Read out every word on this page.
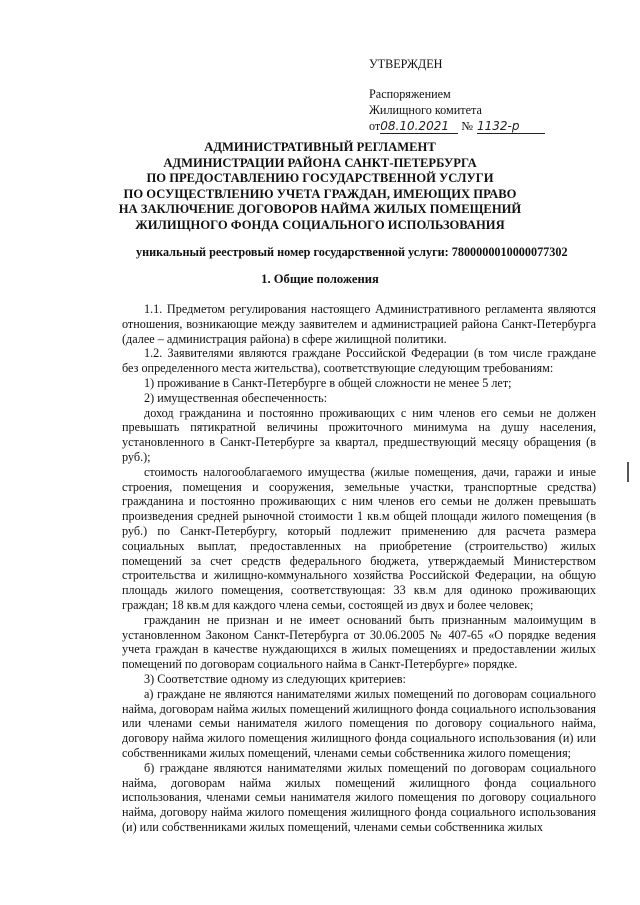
УТВЕРЖДЕН
Распоряжением
Жилищного комитета
от08.10.2021 № 1132-р
АДМИНИСТРАТИВНЫЙ РЕГЛАМЕНТ
АДМИНИСТРАЦИИ РАЙОНА САНКТ-ПЕТЕРБУРГА
ПО ПРЕДОСТАВЛЕНИЮ ГОСУДАРСТВЕННОЙ УСЛУГИ
ПО ОСУЩЕСТВЛЕНИЮ УЧЕТА ГРАЖДАН, ИМЕЮЩИХ ПРАВО
НА ЗАКЛЮЧЕНИЕ ДОГОВОРОВ НАЙМА ЖИЛЫХ ПОМЕЩЕНИЙ
ЖИЛИЩНОГО ФОНДА СОЦИАЛЬНОГО ИСПОЛЬЗОВАНИЯ
уникальный реестровый номер государственной услуги: 7800000010000077302
1. Общие положения

1.1. Предметом регулирования настоящего Административного регламента являются отношения, возникающие между заявителем и администрацией района Санкт-Петербурга (далее – администрация района) в сфере жилищной политики.

1.2. Заявителями являются граждане Российской Федерации (в том числе граждане без определенного места жительства), соответствующие следующим требованиям:

1) проживание в Санкт-Петербурге в общей сложности не менее 5 лет;

2) имущественная обеспеченность:

доход гражданина и постоянно проживающих с ним членов его семьи не должен превышать пятикратной величины прожиточного минимума на душу населения, установленного в Санкт-Петербурге за квартал, предшествующий месяцу обращения (в руб.);

стоимость налогооблагаемого имущества (жилые помещения, дачи, гаражи и иные строения, помещения и сооружения, земельные участки, транспортные средства) гражданина и постоянно проживающих с ним членов его семьи не должен превышать произведения средней рыночной стоимости 1 кв.м общей площади жилого помещения (в руб.) по Санкт-Петербургу, который подлежит применению для расчета размера социальных выплат, предоставленных на приобретение (строительство) жилых помещений за счет средств федерального бюджета, утверждаемый Министерством строительства и жилищно-коммунального хозяйства Российской Федерации, на общую площадь жилого помещения, соответствующая: 33 кв.м для одиноко проживающих граждан; 18 кв.м для каждого члена семьи, состоящей из двух и более человек;

гражданин не признан и не имеет оснований быть признанным малоимущим в установленном Законом Санкт-Петербурга от 30.06.2005 № 407-65 «О порядке ведения учета граждан в качестве нуждающихся в жилых помещениях и предоставлении жилых помещений по договорам социального найма в Санкт-Петербурге» порядке.

3) Соответствие одному из следующих критериев:

а) граждане не являются нанимателями жилых помещений по договорам социального найма, договорам найма жилых помещений жилищного фонда социального использования или членами семьи нанимателя жилого помещения по договору социального найма, договору найма жилого помещения жилищного фонда социального использования (и) или собственниками жилых помещений, членами семьи собственника жилого помещения;

б) граждане являются нанимателями жилых помещений по договорам социального найма, договорам найма жилых помещений жилищного фонда социального использования, членами семьи нанимателя жилого помещения по договору социального найма, договору найма жилого помещения жилищного фонда социального использования (и) или собственниками жилых помещений, членами семьи собственника жилых
